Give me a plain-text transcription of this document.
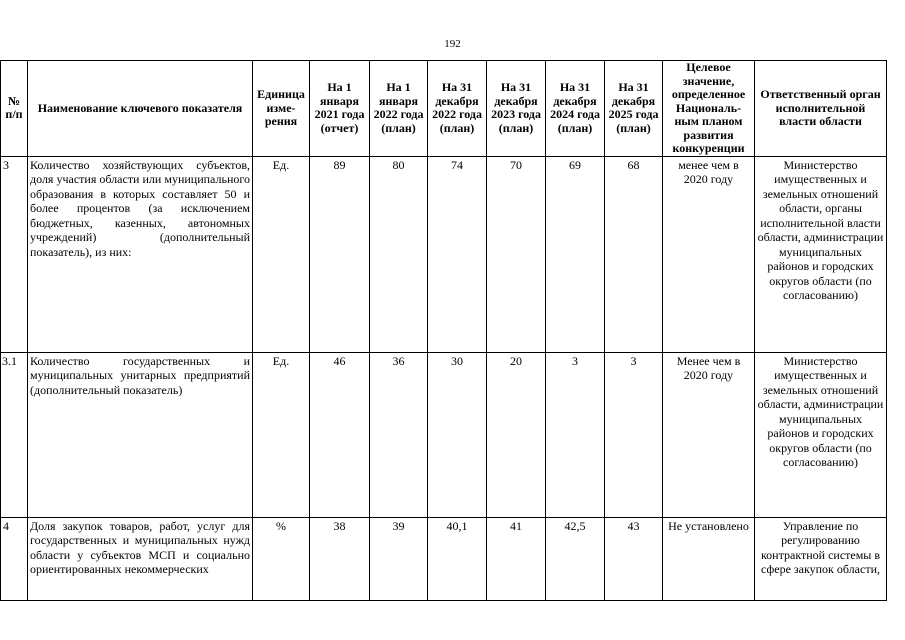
192
№ п/п	Наименование ключевого показателя	Единица изме-рения	На 1 января 2021 года (отчет)	На 1 января 2022 года (план)	На 31 декабря 2022 года (план)	На 31 декабря 2023 года (план)	На 31 декабря 2024 года (план)	На 31 декабря 2025 года (план)	Целевое значение, определенное Националь-ным планом развития конкуренции	Ответственный орган исполнительной власти области
3	Количество хозяйствующих субъектов, доля участия области или муниципального образования в которых составляет 50 и более процентов (за исключением бюджетных, казенных, автономных учреждений) (дополнительный показатель), из них:	Ед.	89	80	74	70	69	68	менее чем в 2020 году	Министерство имущественных и земельных отношений области, органы исполнительной власти области, администрации муниципальных районов и городских округов области (по согласованию)
3.1	Количество государственных и муниципальных унитарных предприятий (дополнительный показатель)	Ед.	46	36	30	20	3	3	Менее чем в 2020 году	Министерство имущественных и земельных отношений области, администрации муниципальных районов и городских округов области (по согласованию)
4	Доля закупок товаров, работ, услуг для государственных и муниципальных нужд области у субъектов МСП и социально ориентированных некоммерческих	%	38	39	40,1	41	42,5	43	Не установлено	Управление по регулированию контрактной системы в сфере закупок области,
